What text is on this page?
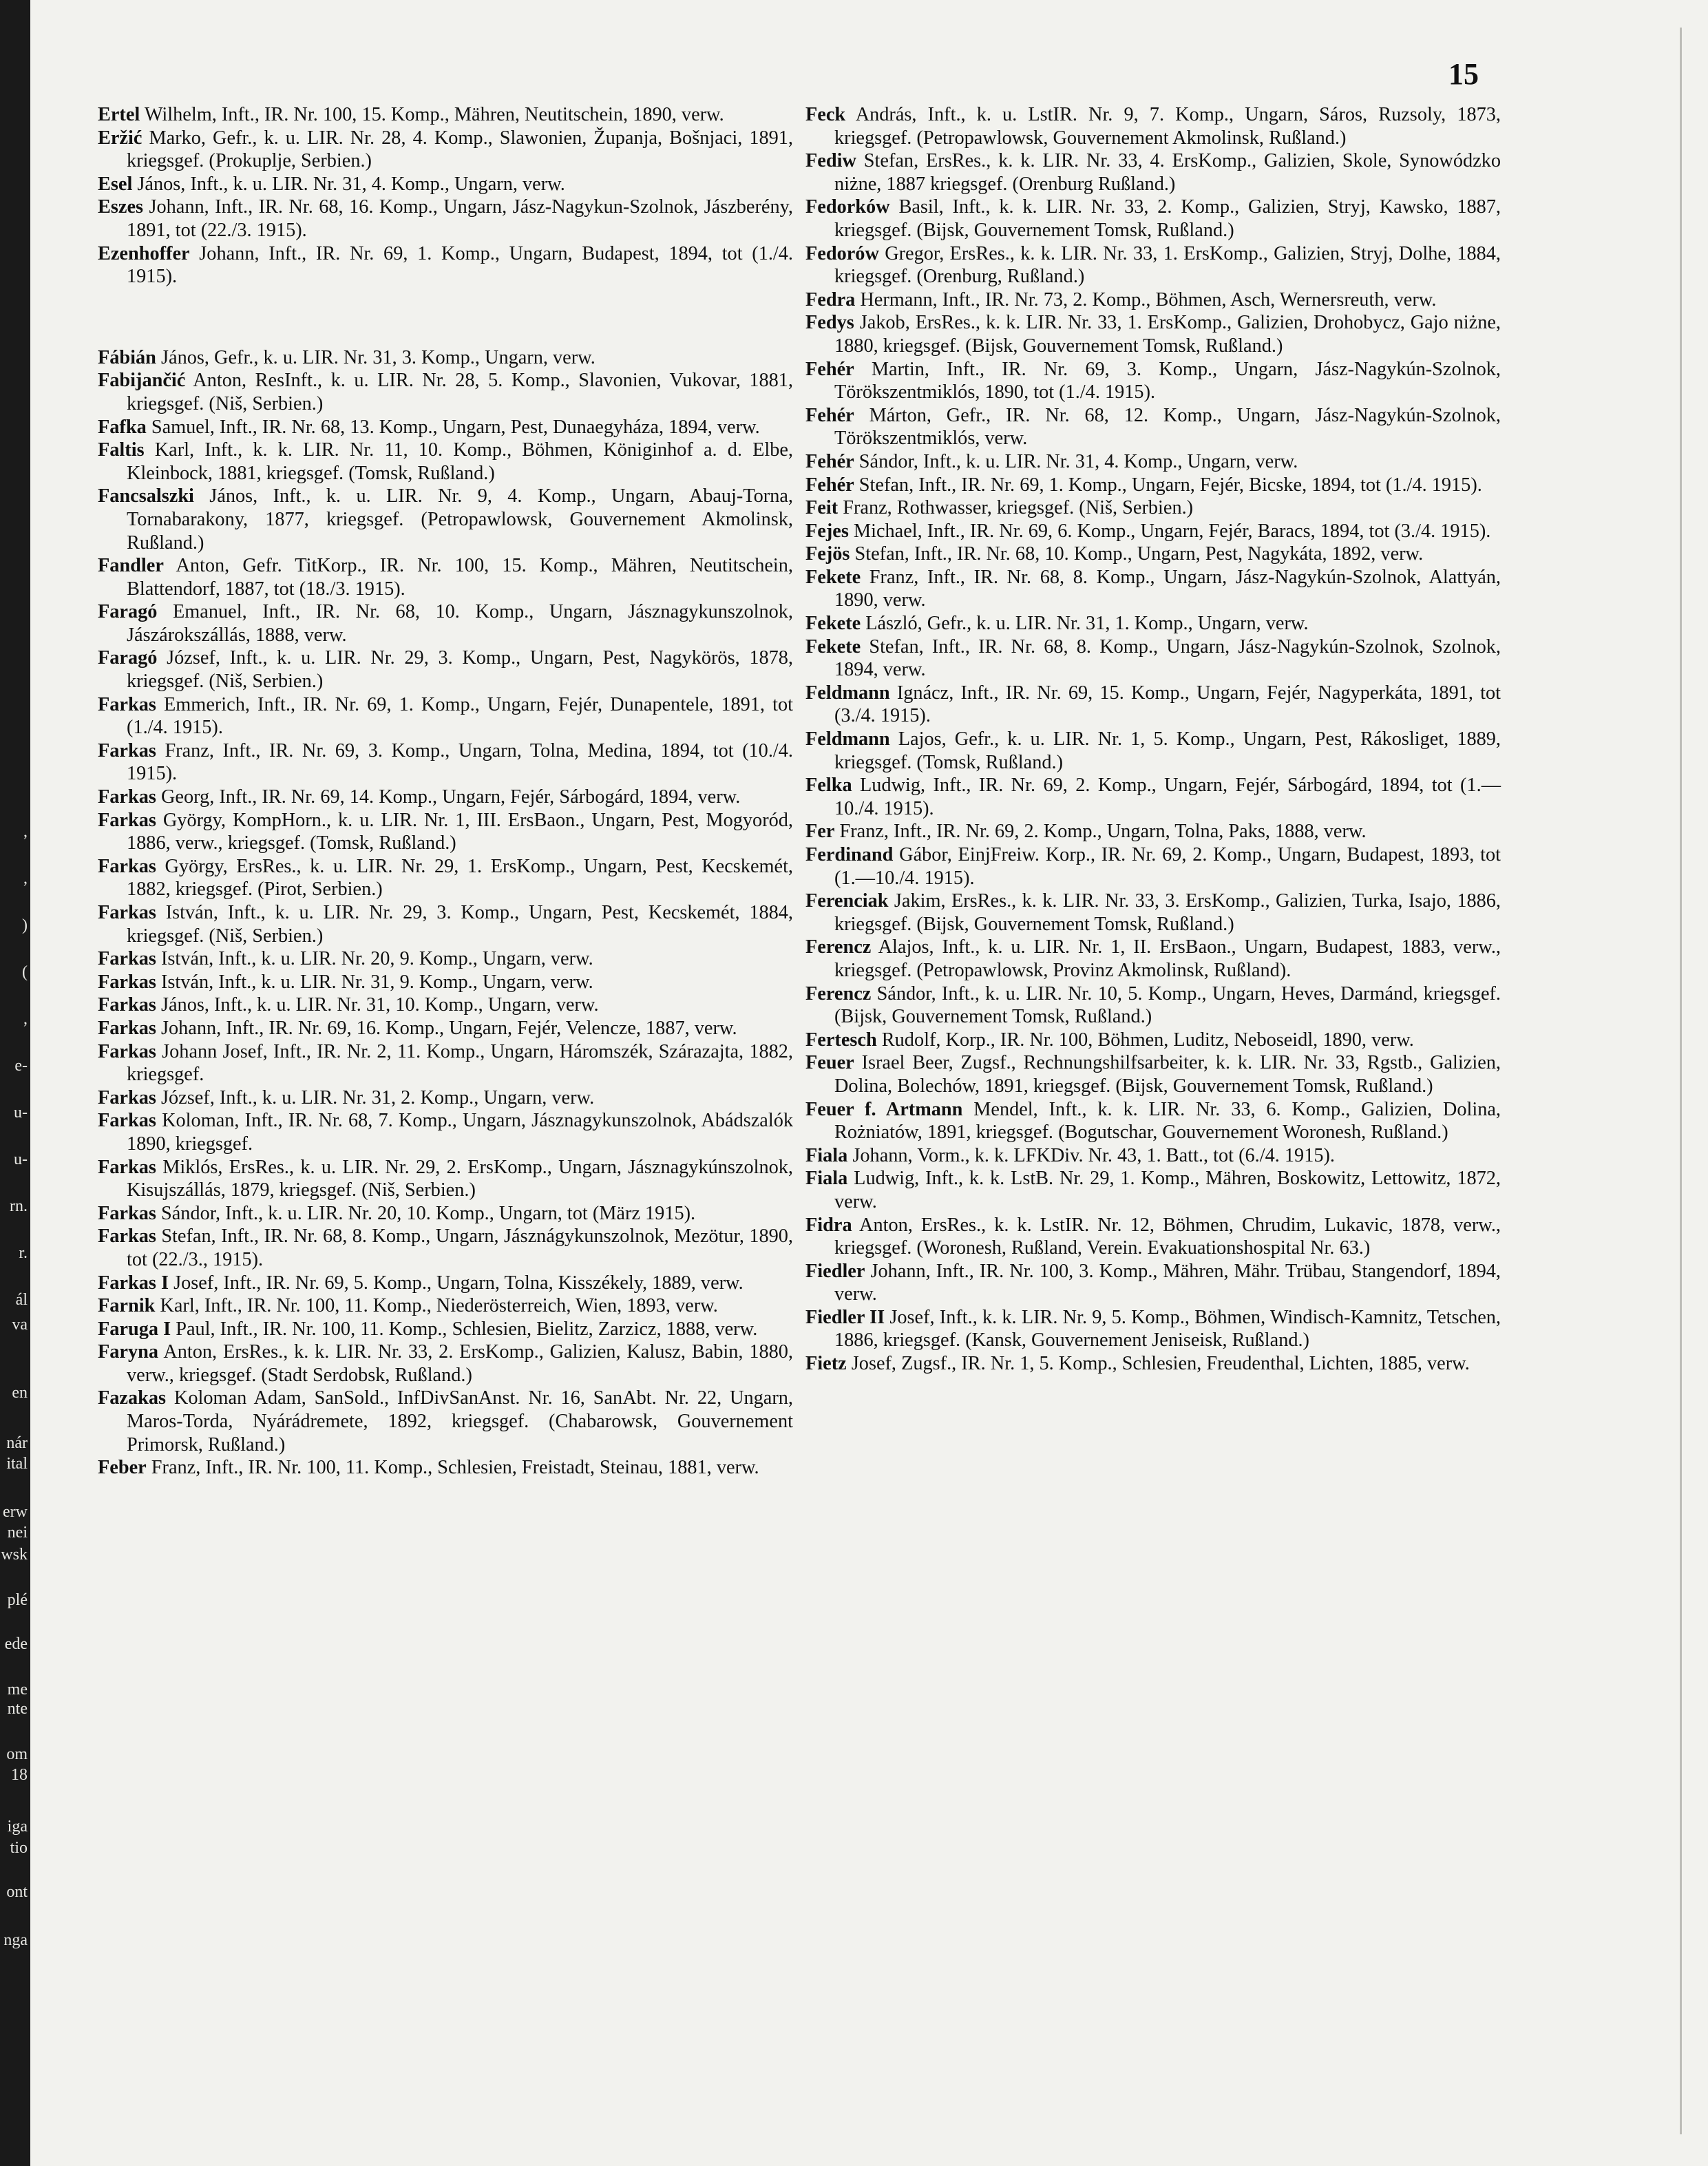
,
,
)
(
,
e-
u-
u-
rn.
r.
ál
va
en
nár
ital
erw
nei
wsk
plé
ede
me
nte
om
18
iga
tio
ont
nga
15

Ertel Wilhelm, Inft., IR. Nr. 100, 15. Komp., Mähren, Neutitschein, 1890, verw.

Eržić Marko, Gefr., k. u. LIR. Nr. 28, 4. Komp., Slawonien, Županja, Bošnjaci, 1891, kriegsgef. (Prokuplje, Serbien.)

Esel János, Inft., k. u. LIR. Nr. 31, 4. Komp., Ungarn, verw.

Eszes Johann, Inft., IR. Nr. 68, 16. Komp., Ungarn, Jász-Nagykun-Szolnok, Jászberény, 1891, tot (22./3. 1915).

Ezenhoffer Johann, Inft., IR. Nr. 69, 1. Komp., Ungarn, Budapest, 1894, tot (1./4. 1915).

Fábián János, Gefr., k. u. LIR. Nr. 31, 3. Komp., Ungarn, verw.

Fabijančić Anton, ResInft., k. u. LIR. Nr. 28, 5. Komp., Slavonien, Vukovar, 1881, kriegsgef. (Niš, Serbien.)

Fafka Samuel, Inft., IR. Nr. 68, 13. Komp., Ungarn, Pest, Dunaegyháza, 1894, verw.

Faltis Karl, Inft., k. k. LIR. Nr. 11, 10. Komp., Böhmen, Königinhof a. d. Elbe, Kleinbock, 1881, kriegsgef. (Tomsk, Rußland.)

Fancsalszki János, Inft., k. u. LIR. Nr. 9, 4. Komp., Ungarn, Abauj-Torna, Tornabarakony, 1877, kriegsgef. (Petropawlowsk, Gouvernement Akmolinsk, Rußland.)

Fandler Anton, Gefr. TitKorp., IR. Nr. 100, 15. Komp., Mähren, Neutitschein, Blattendorf, 1887, tot (18./3. 1915).

Faragó Emanuel, Inft., IR. Nr. 68, 10. Komp., Ungarn, Jásznagykunszolnok, Jászárokszállás, 1888, verw.

Faragó József, Inft., k. u. LIR. Nr. 29, 3. Komp., Ungarn, Pest, Nagykörös, 1878, kriegsgef. (Niš, Serbien.)

Farkas Emmerich, Inft., IR. Nr. 69, 1. Komp., Ungarn, Fejér, Dunapentele, 1891, tot (1./4. 1915).

Farkas Franz, Inft., IR. Nr. 69, 3. Komp., Ungarn, Tolna, Medina, 1894, tot (10./4. 1915).

Farkas Georg, Inft., IR. Nr. 69, 14. Komp., Ungarn, Fejér, Sárbogárd, 1894, verw.

Farkas György, KompHorn., k. u. LIR. Nr. 1, III. ErsBaon., Ungarn, Pest, Mogyoród, 1886, verw., kriegsgef. (Tomsk, Rußland.)

Farkas György, ErsRes., k. u. LIR. Nr. 29, 1. ErsKomp., Ungarn, Pest, Kecskemét, 1882, kriegsgef. (Pirot, Serbien.)

Farkas István, Inft., k. u. LIR. Nr. 29, 3. Komp., Ungarn, Pest, Kecskemét, 1884, kriegsgef. (Niš, Serbien.)

Farkas István, Inft., k. u. LIR. Nr. 20, 9. Komp., Ungarn, verw.

Farkas István, Inft., k. u. LIR. Nr. 31, 9. Komp., Ungarn, verw.

Farkas János, Inft., k. u. LIR. Nr. 31, 10. Komp., Ungarn, verw.

Farkas Johann, Inft., IR. Nr. 69, 16. Komp., Ungarn, Fejér, Velencze, 1887, verw.

Farkas Johann Josef, Inft., IR. Nr. 2, 11. Komp., Ungarn, Háromszék, Szárazajta, 1882, kriegsgef.

Farkas József, Inft., k. u. LIR. Nr. 31, 2. Komp., Ungarn, verw.

Farkas Koloman, Inft., IR. Nr. 68, 7. Komp., Ungarn, Jásznagykunszolnok, Abádszalók 1890, kriegsgef.

Farkas Miklós, ErsRes., k. u. LIR. Nr. 29, 2. ErsKomp., Ungarn, Jásznagykúnszolnok, Kisujszállás, 1879, kriegsgef. (Niš, Serbien.)

Farkas Sándor, Inft., k. u. LIR. Nr. 20, 10. Komp., Ungarn, tot (März 1915).

Farkas Stefan, Inft., IR. Nr. 68, 8. Komp., Ungarn, Jásznágykunszolnok, Mezötur, 1890, tot (22./3., 1915).

Farkas I Josef, Inft., IR. Nr. 69, 5. Komp., Ungarn, Tolna, Kisszékely, 1889, verw.

Farnik Karl, Inft., IR. Nr. 100, 11. Komp., Niederösterreich, Wien, 1893, verw.

Faruga I Paul, Inft., IR. Nr. 100, 11. Komp., Schlesien, Bielitz, Zarzicz, 1888, verw.

Faryna Anton, ErsRes., k. k. LIR. Nr. 33, 2. ErsKomp., Galizien, Kalusz, Babin, 1880, verw., kriegsgef. (Stadt Serdobsk, Rußland.)

Fazakas Koloman Adam, SanSold., InfDivSanAnst. Nr. 16, SanAbt. Nr. 22, Ungarn, Maros-Torda, Nyárádremete, 1892, kriegsgef. (Chabarowsk, Gouvernement Primorsk, Rußland.)

Feber Franz, Inft., IR. Nr. 100, 11. Komp., Schlesien, Freistadt, Steinau, 1881, verw.

Feck András, Inft., k. u. LstIR. Nr. 9, 7. Komp., Ungarn, Sáros, Ruzsoly, 1873, kriegsgef. (Petropawlowsk, Gouvernement Akmolinsk, Rußland.)

Fediw Stefan, ErsRes., k. k. LIR. Nr. 33, 4. ErsKomp., Galizien, Skole, Synowódzko niżne, 1887 kriegsgef. (Orenburg Rußland.)

Fedorków Basil, Inft., k. k. LIR. Nr. 33, 2. Komp., Galizien, Stryj, Kawsko, 1887, kriegsgef. (Bijsk, Gouvernement Tomsk, Rußland.)

Fedorów Gregor, ErsRes., k. k. LIR. Nr. 33, 1. ErsKomp., Galizien, Stryj, Dolhe, 1884, kriegsgef. (Orenburg, Rußland.)

Fedra Hermann, Inft., IR. Nr. 73, 2. Komp., Böhmen, Asch, Wernersreuth, verw.

Fedys Jakob, ErsRes., k. k. LIR. Nr. 33, 1. ErsKomp., Galizien, Drohobycz, Gajo niżne, 1880, kriegsgef. (Bijsk, Gouvernement Tomsk, Rußland.)

Fehér Martin, Inft., IR. Nr. 69, 3. Komp., Ungarn, Jász-Nagykún-Szolnok, Törökszentmiklós, 1890, tot (1./4. 1915).

Fehér Márton, Gefr., IR. Nr. 68, 12. Komp., Ungarn, Jász-Nagykún-Szolnok, Törökszentmiklós, verw.

Fehér Sándor, Inft., k. u. LIR. Nr. 31, 4. Komp., Ungarn, verw.

Fehér Stefan, Inft., IR. Nr. 69, 1. Komp., Ungarn, Fejér, Bicske, 1894, tot (1./4. 1915).

Feit Franz, Rothwasser, kriegsgef. (Niš, Serbien.)

Fejes Michael, Inft., IR. Nr. 69, 6. Komp., Ungarn, Fejér, Baracs, 1894, tot (3./4. 1915).

Fejös Stefan, Inft., IR. Nr. 68, 10. Komp., Ungarn, Pest, Nagykáta, 1892, verw.

Fekete Franz, Inft., IR. Nr. 68, 8. Komp., Ungarn, Jász-Nagykún-Szolnok, Alattyán, 1890, verw.

Fekete László, Gefr., k. u. LIR. Nr. 31, 1. Komp., Ungarn, verw.

Fekete Stefan, Inft., IR. Nr. 68, 8. Komp., Ungarn, Jász-Nagykún-Szolnok, Szolnok, 1894, verw.

Feldmann Ignácz, Inft., IR. Nr. 69, 15. Komp., Ungarn, Fejér, Nagyperkáta, 1891, tot (3./4. 1915).

Feldmann Lajos, Gefr., k. u. LIR. Nr. 1, 5. Komp., Ungarn, Pest, Rákosliget, 1889, kriegsgef. (Tomsk, Rußland.)

Felka Ludwig, Inft., IR. Nr. 69, 2. Komp., Ungarn, Fejér, Sárbogárd, 1894, tot (1.—10./4. 1915).

Fer Franz, Inft., IR. Nr. 69, 2. Komp., Ungarn, Tolna, Paks, 1888, verw.

Ferdinand Gábor, EinjFreiw. Korp., IR. Nr. 69, 2. Komp., Ungarn, Budapest, 1893, tot (1.—10./4. 1915).

Ferenciak Jakim, ErsRes., k. k. LIR. Nr. 33, 3. ErsKomp., Galizien, Turka, Isajo, 1886, kriegsgef. (Bijsk, Gouvernement Tomsk, Rußland.)

Ferencz Alajos, Inft., k. u. LIR. Nr. 1, II. ErsBaon., Ungarn, Budapest, 1883, verw., kriegsgef. (Petropawlowsk, Provinz Akmolinsk, Rußland).

Ferencz Sándor, Inft., k. u. LIR. Nr. 10, 5. Komp., Ungarn, Heves, Darmánd, kriegsgef. (Bijsk, Gouvernement Tomsk, Rußland.)

Fertesch Rudolf, Korp., IR. Nr. 100, Böhmen, Luditz, Neboseidl, 1890, verw.

Feuer Israel Beer, Zugsf., Rechnungshilfsarbeiter, k. k. LIR. Nr. 33, Rgstb., Galizien, Dolina, Bolechów, 1891, kriegsgef. (Bijsk, Gouvernement Tomsk, Rußland.)

Feuer f. Artmann Mendel, Inft., k. k. LIR. Nr. 33, 6. Komp., Galizien, Dolina, Rożniatów, 1891, kriegsgef. (Bogutschar, Gouvernement Woronesh, Rußland.)

Fiala Johann, Vorm., k. k. LFKDiv. Nr. 43, 1. Batt., tot (6./4. 1915).

Fiala Ludwig, Inft., k. k. LstB. Nr. 29, 1. Komp., Mähren, Boskowitz, Lettowitz, 1872, verw.

Fidra Anton, ErsRes., k. k. LstIR. Nr. 12, Böhmen, Chrudim, Lukavic, 1878, verw., kriegsgef. (Woronesh, Rußland, Verein. Evakuationshospital Nr. 63.)

Fiedler Johann, Inft., IR. Nr. 100, 3. Komp., Mähren, Mähr. Trübau, Stangendorf, 1894, verw.

Fiedler II Josef, Inft., k. k. LIR. Nr. 9, 5. Komp., Böhmen, Windisch-Kamnitz, Tetschen, 1886, kriegsgef. (Kansk, Gouvernement Jeniseisk, Rußland.)

Fietz Josef, Zugsf., IR. Nr. 1, 5. Komp., Schlesien, Freudenthal, Lichten, 1885, verw.
